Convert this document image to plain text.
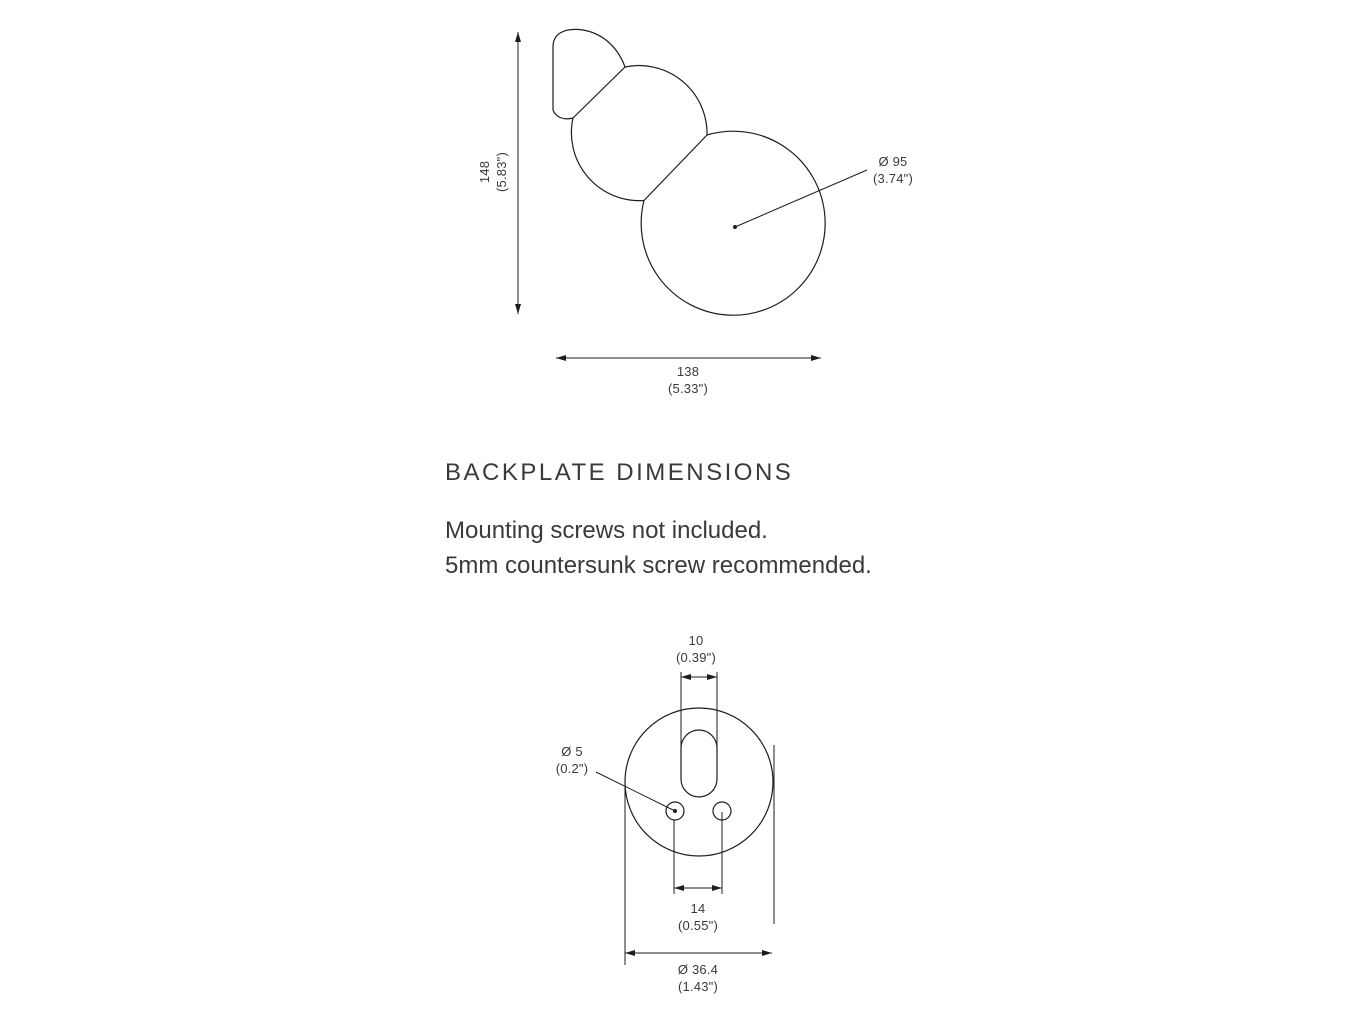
148 (5.83")
138
(5.33")
Ø 95
(3.74")
BACKPLATE DIMENSIONS
Mounting screws not included.
5mm countersunk screw recommended.
10
(0.39")
Ø 5
(0.2")
14
(0.55")
Ø 36.4
(1.43")
